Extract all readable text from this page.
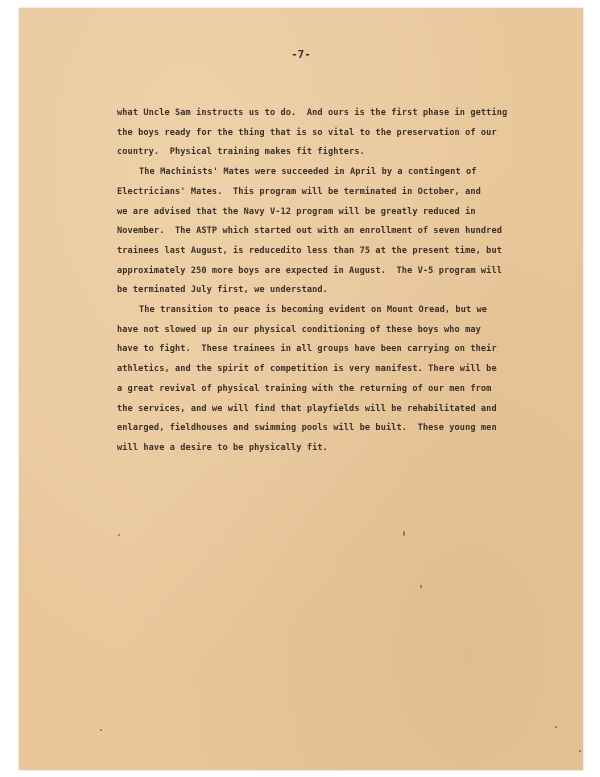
-7-
what Uncle Sam instructs us to do.  And ours is the first phase in getting
the boys ready for the thing that is so vital to the preservation of our
country.  Physical training makes fit fighters.
The Machinists' Mates were succeeded in April by a contingent of
Electricians' Mates.  This program will be terminated in October, and
we are advised that the Navy V-12 program will be greatly reduced in
November.  The ASTP which started out with an enrollment of seven hundred
trainees last August, is reducedito less than 75 at the present time, but
approximately 250 more boys are expected in August.  The V-5 program will
be terminated July first, we understand.
The transition to peace is becoming evident on Mount Oread, but we
have not slowed up in our physical conditioning of these boys who may
have to fight.  These trainees in all groups have been carrying on their
athletics, and the spirit of competition is very manifest. There will be
a great revival of physical training with the returning of our men from
the services, and we will find that playfields will be rehabilitated and
enlarged, fieldhouses and swimming pools will be built.  These young men
will have a desire to be physically fit.
